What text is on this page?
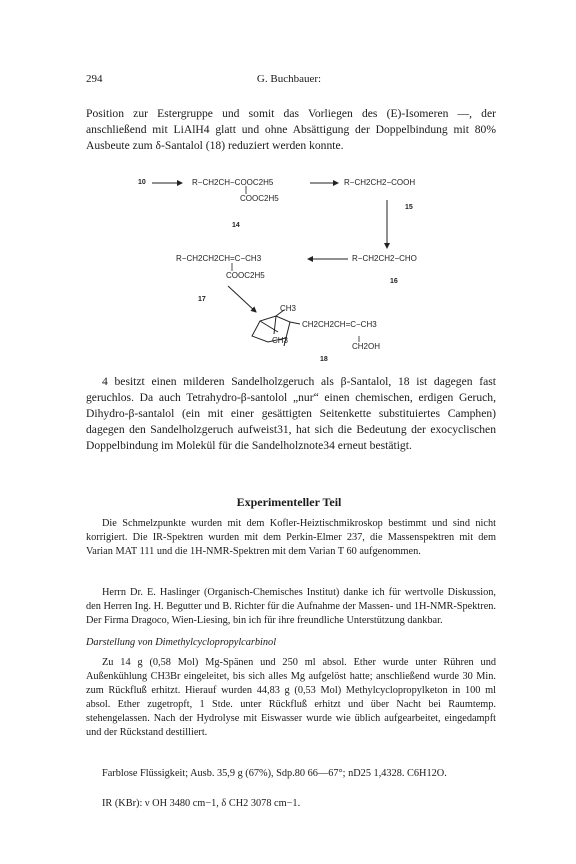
294	G. Buchbauer:

Position zur Estergruppe und somit das Vorliegen des (E)-Isomeren —, der anschließend mit LiAlH4 glatt und ohne Absättigung der Doppelbindung mit 80% Ausbeute zum δ-Santalol (18) reduziert werden konnte.

10	R−CH2CH−COOC2H5
COOC2H5
14
R−CH2CH2−COOH
15
R−CH2CH2−CHO
16
R−CH2CH2CH=C−CH3
COOC2H5
17
CH3
CH2CH2CH=C−CH3
CH3
CH2OH
18

4 besitzt einen milderen Sandelholzgeruch als β-Santalol, 18 ist dagegen fast geruchlos. Da auch Tetrahydro-β-santolol „nur“ einen chemischen, erdigen Geruch, Dihydro-β-santalol (ein mit einer gesättigten Seitenkette substituiertes Camphen) dagegen den Sandelholzgeruch aufweist31, hat sich die Bedeutung der exocyclischen Doppelbindung im Molekül für die Sandelholznote34 erneut bestätigt.

Experimenteller Teil

Die Schmelzpunkte wurden mit dem Kofler-Heiztischmikroskop bestimmt und sind nicht korrigiert. Die IR-Spektren wurden mit dem Perkin-Elmer 237, die Massenspektren mit dem Varian MAT 111 und die 1H-NMR-Spektren mit dem Varian T 60 aufgenommen.

Herrn Dr. E. Haslinger (Organisch-Chemisches Institut) danke ich für wertvolle Diskussion, den Herren Ing. H. Begutter und B. Richter für die Aufnahme der Massen- und 1H-NMR-Spektren. Der Firma Dragoco, Wien-Liesing, bin ich für ihre freundliche Unterstützung dankbar.

Darstellung von Dimethylcyclopropylcarbinol

Zu 14 g (0,58 Mol) Mg-Spänen und 250 ml absol. Ether wurde unter Rühren und Außenkühlung CH3Br eingeleitet, bis sich alles Mg aufgelöst hatte; anschließend wurde 30 Min. zum Rückfluß erhitzt. Hierauf wurden 44,83 g (0,53 Mol) Methylcyclopropylketon in 100 ml absol. Ether zugetropft, 1 Stde. unter Rückfluß erhitzt und über Nacht bei Raumtemp. stehengelassen. Nach der Hydrolyse mit Eiswasser wurde wie üblich aufgearbeitet, eingedampft und der Rückstand destilliert.

Farblose Flüssigkeit; Ausb. 35,9 g (67%), Sdp.80 66—67°; nD25 1,4328. C6H12O.

IR (KBr): ν OH 3480 cm−1, δ CH2 3078 cm−1.
